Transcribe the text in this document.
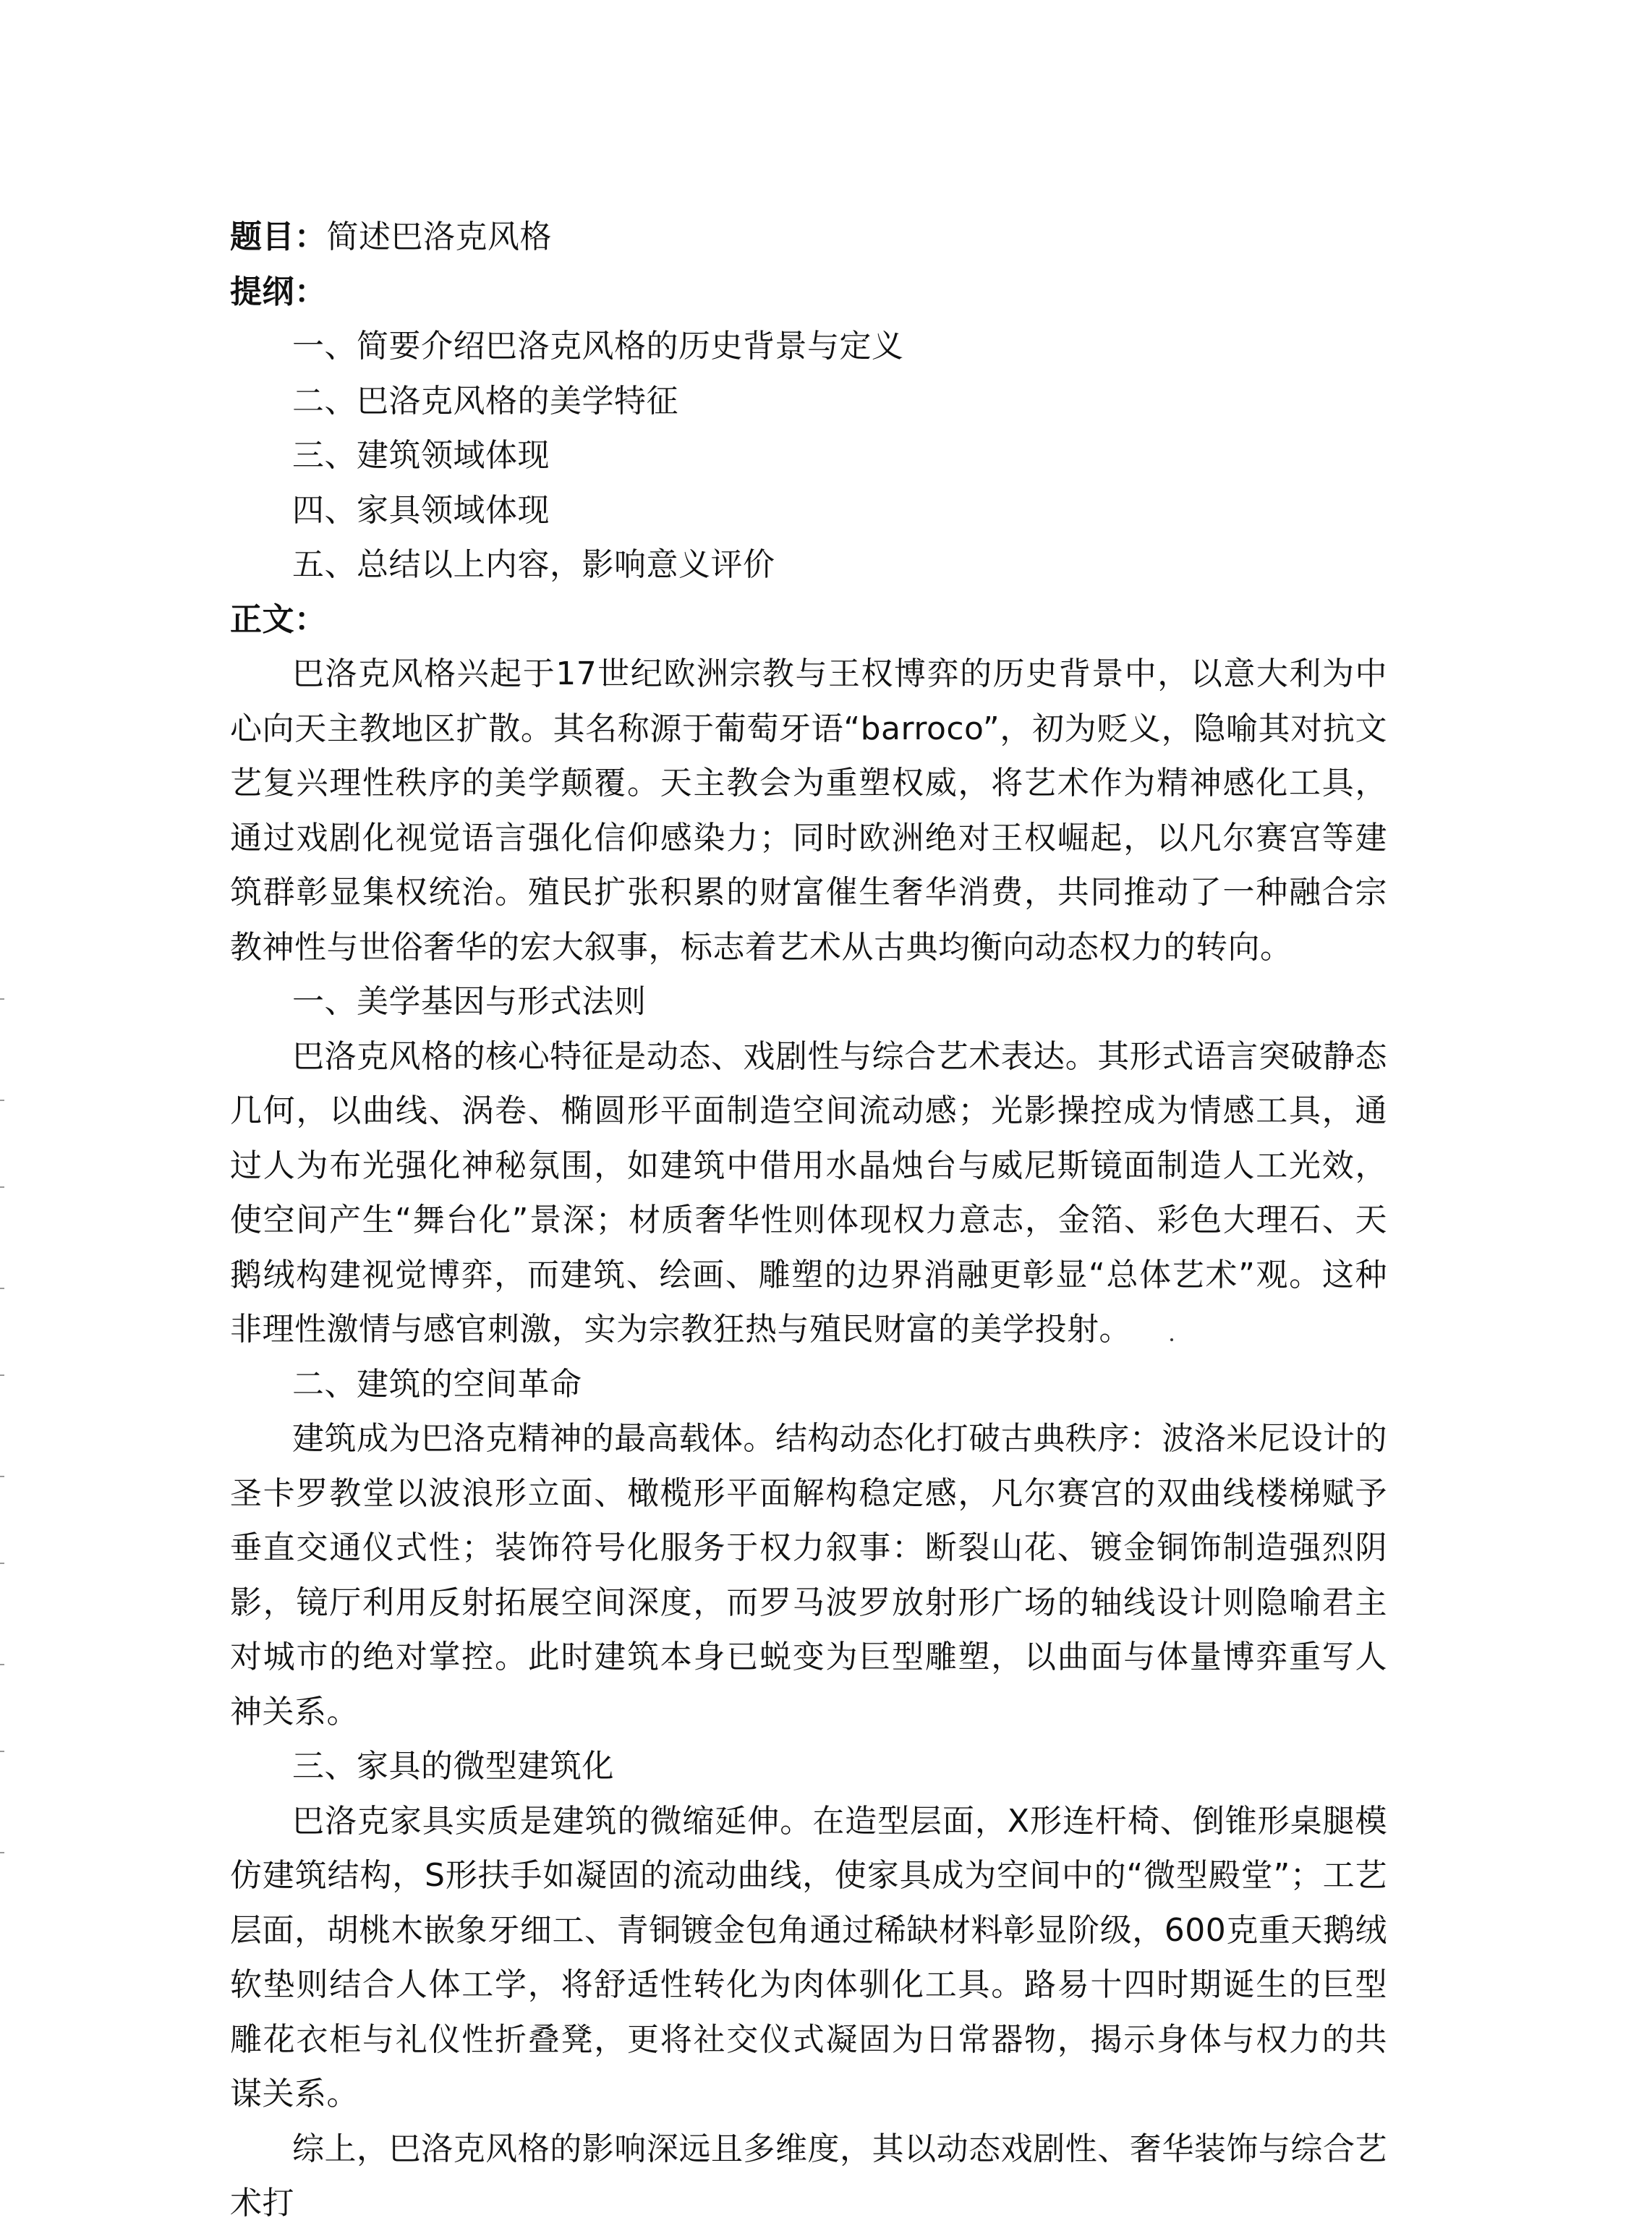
题目：简述巴洛克风格
提纲：
一、简要介绍巴洛克风格的历史背景与定义
二、巴洛克风格的美学特征
三、建筑领域体现
四、家具领域体现
五、总结以上内容，影响意义评价
正文：

巴洛克风格兴起于17世纪欧洲宗教与王权博弈的历史背景中，以意大利为中心向天主教地区扩散。其名称源于葡萄牙语“barroco”，初为贬义，隐喻其对抗文艺复兴理性秩序的美学颠覆。天主教会为重塑权威，将艺术作为精神感化工具，通过戏剧化视觉语言强化信仰感染力；同时欧洲绝对王权崛起，以凡尔赛宫等建筑群彰显集权统治。殖民扩张积累的财富催生奢华消费，共同推动了一种融合宗教神性与世俗奢华的宏大叙事，标志着艺术从古典均衡向动态权力的转向。

一、美学基因与形式法则

巴洛克风格的核心特征是动态、戏剧性与综合艺术表达。其形式语言突破静态几何，以曲线、涡卷、椭圆形平面制造空间流动感；光影操控成为情感工具，通过人为布光强化神秘氛围，如建筑中借用水晶烛台与威尼斯镜面制造人工光效，使空间产生“舞台化”景深；材质奢华性则体现权力意志，金箔、彩色大理石、天鹅绒构建视觉博弈，而建筑、绘画、雕塑的边界消融更彰显“总体艺术”观。这种非理性激情与感官刺激，实为宗教狂热与殖民财富的美学投射。

二、建筑的空间革命

建筑成为巴洛克精神的最高载体。结构动态化打破古典秩序：波洛米尼设计的圣卡罗教堂以波浪形立面、橄榄形平面解构稳定感，凡尔赛宫的双曲线楼梯赋予垂直交通仪式性；装饰符号化服务于权力叙事：断裂山花、镀金铜饰制造强烈阴影，镜厅利用反射拓展空间深度，而罗马波罗放射形广场的轴线设计则隐喻君主对城市的绝对掌控。此时建筑本身已蜕变为巨型雕塑，以曲面与体量博弈重写人神关系。

三、家具的微型建筑化

巴洛克家具实质是建筑的微缩延伸。在造型层面，X形连杆椅、倒锥形桌腿模仿建筑结构，S形扶手如凝固的流动曲线，使家具成为空间中的“微型殿堂”；工艺层面，胡桃木嵌象牙细工、青铜镀金包角通过稀缺材料彰显阶级，600克重天鹅绒软垫则结合人体工学，将舒适性转化为肉体驯化工具。路易十四时期诞生的巨型雕花衣柜与礼仪性折叠凳，更将社交仪式凝固为日常器物，揭示身体与权力的共谋关系。

综上，巴洛克风格的影响深远且多维度，其以动态戏剧性、奢华装饰与综合艺术打
